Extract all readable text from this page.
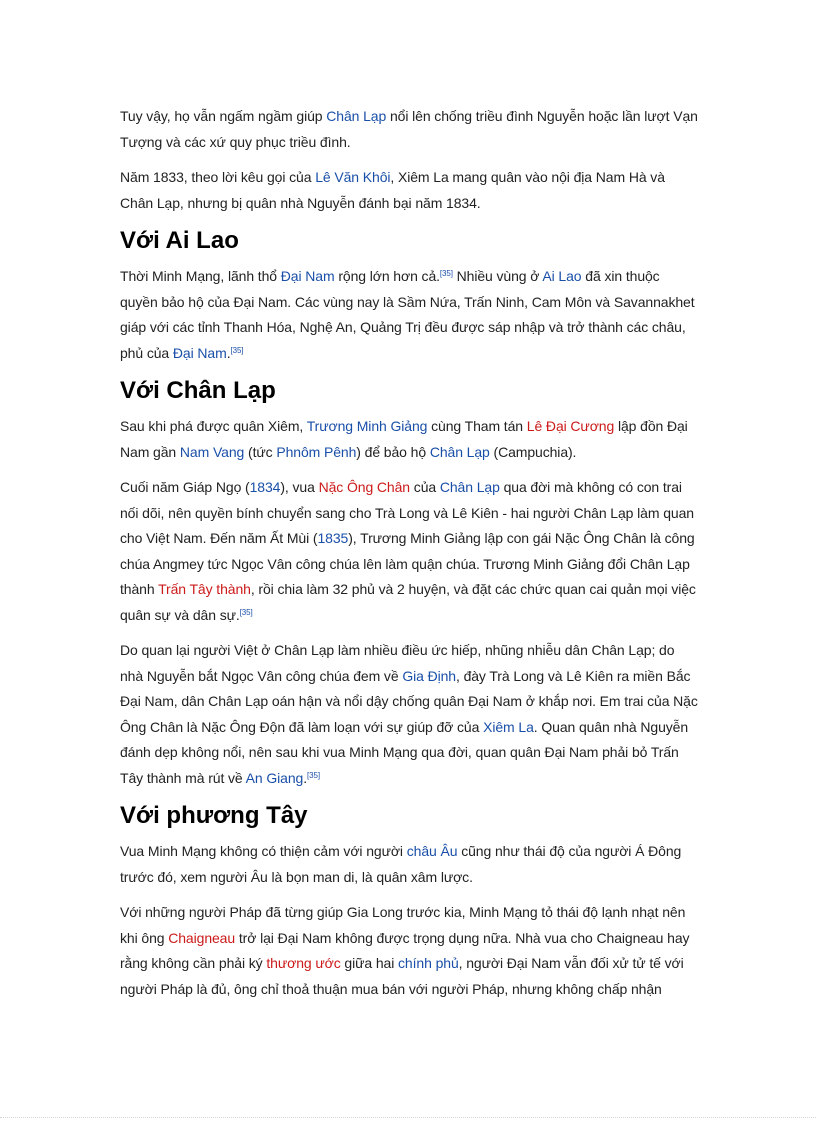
Tuy vậy, họ vẫn ngấm ngầm giúp Chân Lạp nổi lên chống triều đình Nguyễn hoặc lần lượt Vạn Tượng và các xứ quy phục triều đình.

Năm 1833, theo lời kêu gọi của Lê Văn Khôi, Xiêm La mang quân vào nội địa Nam Hà và Chân Lạp, nhưng bị quân nhà Nguyễn đánh bại năm 1834.

Với Ai Lao

Thời Minh Mạng, lãnh thổ Đại Nam rộng lớn hơn cả.[35] Nhiều vùng ở Ai Lao đã xin thuộc quyền bảo hộ của Đại Nam. Các vùng nay là Sầm Nứa, Trấn Ninh, Cam Môn và Savannakhet giáp với các tỉnh Thanh Hóa, Nghệ An, Quảng Trị đều được sáp nhập và trở thành các châu, phủ của Đại Nam.[35]

Với Chân Lạp

Sau khi phá được quân Xiêm, Trương Minh Giảng cùng Tham tán Lê Đại Cương lập đồn Đại Nam gần Nam Vang (tức Phnôm Pênh) để bảo hộ Chân Lạp (Campuchia).

Cuối năm Giáp Ngọ (1834), vua Nặc Ông Chân của Chân Lạp qua đời mà không có con trai nối dõi, nên quyền bính chuyển sang cho Trà Long và Lê Kiên - hai người Chân Lạp làm quan cho Việt Nam. Đến năm Ất Mùi (1835), Trương Minh Giảng lập con gái Nặc Ông Chân là công chúa Angmey tức Ngọc Vân công chúa lên làm quận chúa. Trương Minh Giảng đổi Chân Lạp thành Trấn Tây thành, rồi chia làm 32 phủ và 2 huyện, và đặt các chức quan cai quản mọi việc quân sự và dân sự.[35]

Do quan lại người Việt ở Chân Lạp làm nhiều điều ức hiếp, nhũng nhiễu dân Chân Lạp; do nhà Nguyễn bắt Ngọc Vân công chúa đem về Gia Định, đày Trà Long và Lê Kiên ra miền Bắc Đại Nam, dân Chân Lạp oán hận và nổi dậy chống quân Đại Nam ở khắp nơi. Em trai của Nặc Ông Chân là Nặc Ông Độn đã làm loạn với sự giúp đỡ của Xiêm La. Quan quân nhà Nguyễn đánh dẹp không nổi, nên sau khi vua Minh Mạng qua đời, quan quân Đại Nam phải bỏ Trấn Tây thành mà rút về An Giang.[35]

Với phương Tây

Vua Minh Mạng không có thiện cảm với người châu Âu cũng như thái độ của người Á Đông trước đó, xem người Âu là bọn man di, là quân xâm lược.

Với những người Pháp đã từng giúp Gia Long trước kia, Minh Mạng tỏ thái độ lạnh nhạt nên khi ông Chaigneau trở lại Đại Nam không được trọng dụng nữa. Nhà vua cho Chaigneau hay rằng không cần phải ký thương ước giữa hai chính phủ, người Đại Nam vẫn đối xử tử tế với người Pháp là đủ, ông chỉ thoả thuận mua bán với người Pháp, nhưng không chấp nhận
